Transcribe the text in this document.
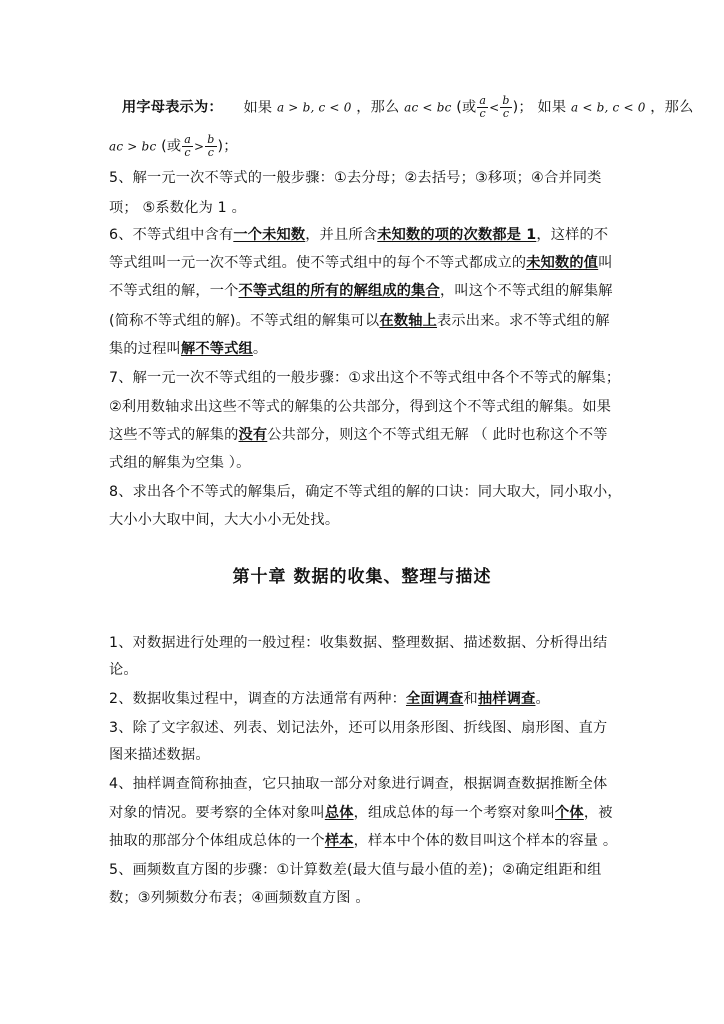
用字母表示为： 如果 a > b, c < 0 ，那么 ac < bc (或 $\frac{a}{c} < \frac{b}{c}$ )； 如果 a < b, c < 0 ，那么
ac > bc (或 $\frac{a}{c} > \frac{b}{c}$ )；
5、解一元一次不等式的一般步骤：①去分母；②去括号；③移项；④合并同类
项； ⑤系数化为 1 。
6、不等式组中含有一个未知数，并且所含未知数的项的次数都是 1，这样的不
等式组叫一元一次不等式组。使不等式组中的每个不等式都成立的未知数的值叫
不等式组的解，一个不等式组的所有的解组成的集合，叫这个不等式组的解集解
(简称不等式组的解)。不等式组的解集可以在数轴上表示出来。求不等式组的解
集的过程叫解不等式组。
7、解一元一次不等式组的一般步骤：①求出这个不等式组中各个不等式的解集；
②利用数轴求出这些不等式的解集的公共部分，得到这个不等式组的解集。如果
这些不等式的解集的没有公共部分，则这个不等式组无解 （ 此时也称这个不等
式组的解集为空集 ）。
8、求出各个不等式的解集后，确定不等式组的解的口诀：同大取大，同小取小，
大小小大取中间，大大小小无处找。
第十章 数据的收集、整理与描述
1、对数据进行处理的一般过程：收集数据、整理数据、描述数据、分析得出结
论。
2、数据收集过程中，调查的方法通常有两种：全面调查和抽样调查。
3、除了文字叙述、列表、划记法外，还可以用条形图、折线图、扇形图、直方
图来描述数据。
4、抽样调查简称抽查，它只抽取一部分对象进行调查，根据调查数据推断全体
对象的情况。要考察的全体对象叫总体，组成总体的每一个考察对象叫个体，被
抽取的那部分个体组成总体的一个样本，样本中个体的数目叫这个样本的容量 。
5、画频数直方图的步骤：①计算数差(最大值与最小值的差)；②确定组距和组
数；③列频数分布表；④画频数直方图 。
